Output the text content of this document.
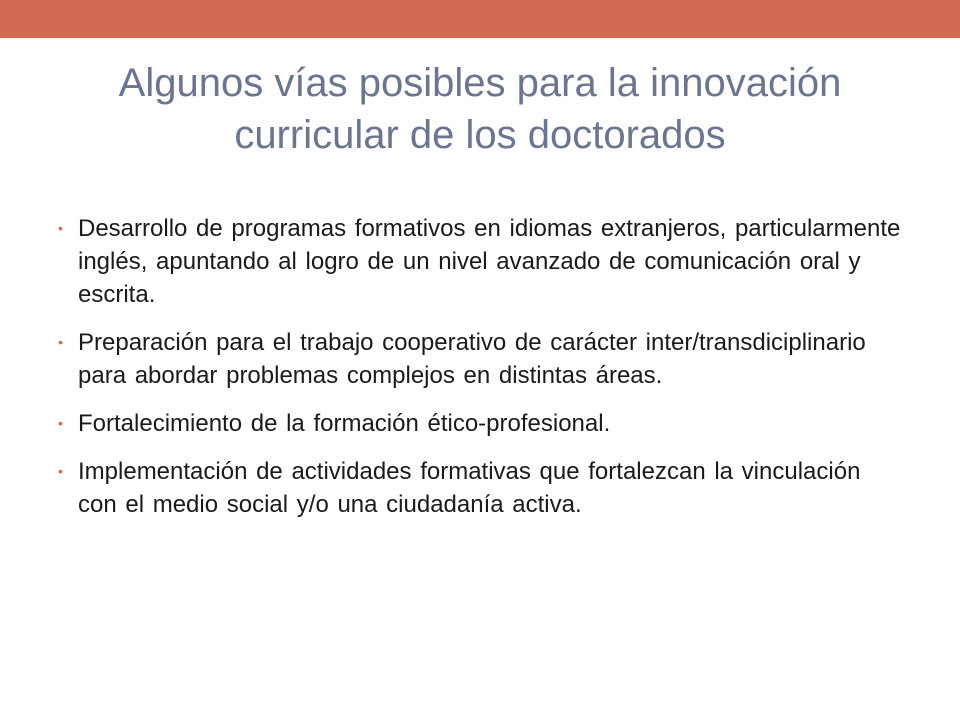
Algunos vías posibles para la innovación curricular de los doctorados
• Desarrollo de programas formativos en idiomas extranjeros, particularmente inglés, apuntando al logro de un nivel avanzado de comunicación oral y escrita.
• Preparación para el trabajo cooperativo de carácter inter/transdiciplinario para abordar problemas complejos en distintas áreas.
• Fortalecimiento de la formación ético-profesional.
• Implementación de actividades formativas que fortalezcan la vinculación con el medio social y/o una ciudadanía activa.
